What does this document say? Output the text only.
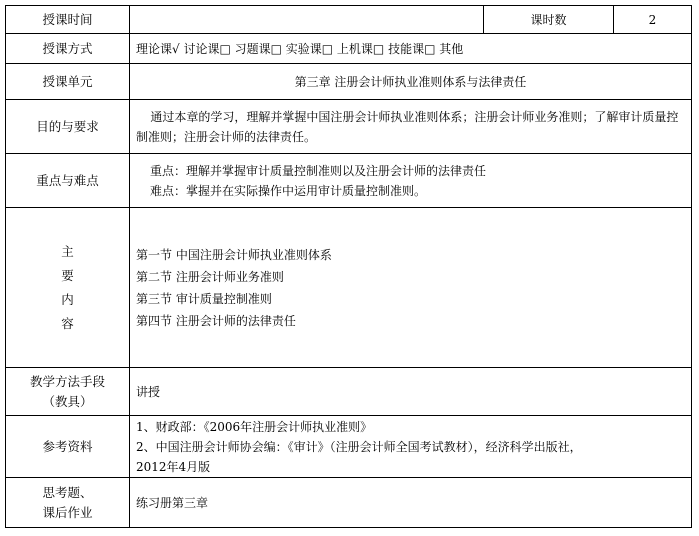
授课时间		课时数	2
授课方式	理论课√ 讨论课□ 习题课□ 实验课□ 上机课□ 技能课□ 其他		
授课单元	第三章 注册会计师执业准则体系与法律责任		
目的与要求	通过本章的学习，理解并掌握中国注册会计师执业准则体系；注册会计师业务准则；了解审计质量控制准则；注册会计师的法律责任。		

重点与难点	重点：理解并掌握审计质量控制准则以及注册会计师的法律责任
难点：掌握并在实际操作中运用审计质量控制准则。		

主
要
内
容	第一节 中国注册会计师执业准则体系
第二节 注册会计师业务准则
第三节 审计质量控制准则
第四节 注册会计师的法律责任		

教学方法手段
（教具）	讲授		
参考资料	1、财政部：《2006年注册会计师执业准则》
2、中国注册会计师协会编：《审计》（注册会计师全国考试教材），经济科学出版社，
2012年4月版		

思考题、
课后作业	练习册第三章		
